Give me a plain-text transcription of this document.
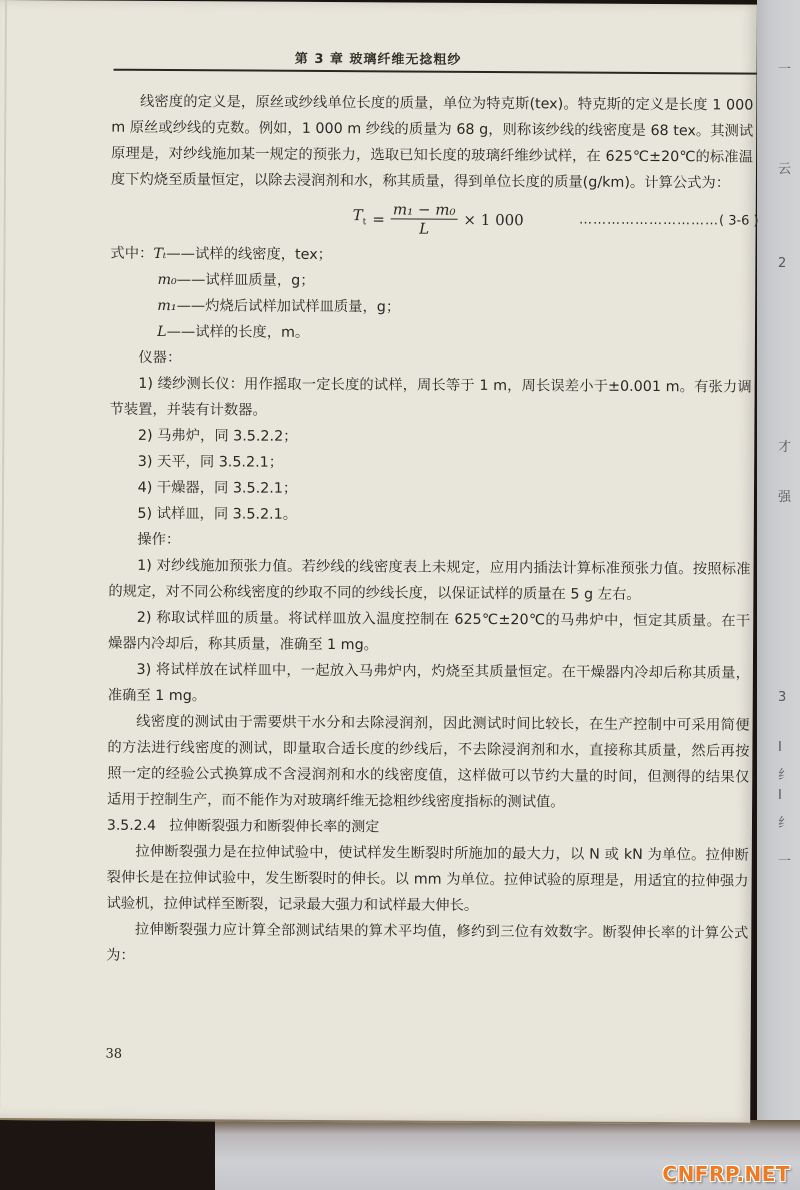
一
云
2
才
强
3
I
纟
I
纟
一
第 3 章 玻璃纤维无捻粗纱

线密度的定义是，原丝或纱线单位长度的质量，单位为特克斯(tex)。特克斯的定义是长度 1 000 m 原丝或纱线的克数。例如，1 000 m 纱线的质量为 68 g，则称该纱线的线密度是 68 tex。其测试原理是，对纱线施加某一规定的预张力，选取已知长度的玻璃纤维纱试样，在 625℃±20℃的标准温度下灼烧至质量恒定，以除去浸润剂和水，称其质量，得到单位长度的质量(g/km)。计算公式为：

$T_t = \frac{\text{m₁ − m₀}}{L} \times 1$ 000	…………………………( 3-6 )

式中：Tₜ——试样的线密度，tex；

m₀——试样皿质量，g；

m₁——灼烧后试样加试样皿质量，g；

L——试样的长度，m。

仪器：

1) 缕纱测长仪：用作摇取一定长度的试样，周长等于 1 m，周长误差小于±0.001 m。有张力调节装置，并装有计数器。

2) 马弗炉，同 3.5.2.2；

3) 天平，同 3.5.2.1；

4) 干燥器，同 3.5.2.1；

5) 试样皿，同 3.5.2.1。

操作：

1) 对纱线施加预张力值。若纱线的线密度表上未规定，应用内插法计算标准预张力值。按照标准的规定，对不同公称线密度的纱取不同的纱线长度，以保证试样的质量在 5 g 左右。

2) 称取试样皿的质量。将试样皿放入温度控制在 625℃±20℃的马弗炉中，恒定其质量。在干燥器内冷却后，称其质量，准确至 1 mg。

3) 将试样放在试样皿中，一起放入马弗炉内，灼烧至其质量恒定。在干燥器内冷却后称其质量，准确至 1 mg。

线密度的测试由于需要烘干水分和去除浸润剂，因此测试时间比较长，在生产控制中可采用简便的方法进行线密度的测试，即量取合适长度的纱线后，不去除浸润剂和水，直接称其质量，然后再按照一定的经验公式换算成不含浸润剂和水的线密度值，这样做可以节约大量的时间，但测得的结果仅适用于控制生产，而不能作为对玻璃纤维无捻粗纱线密度指标的测试值。

3.5.2.4 拉伸断裂强力和断裂伸长率的测定

拉伸断裂强力是在拉伸试验中，使试样发生断裂时所施加的最大力，以 N 或 kN 为单位。拉伸断裂伸长是在拉伸试验中，发生断裂时的伸长。以 mm 为单位。拉伸试验的原理是，用适宜的拉伸强力试验机，拉伸试样至断裂，记录最大强力和试样最大伸长。

拉伸断裂强力应计算全部测试结果的算术平均值，修约到三位有效数字。断裂伸长率的计算公式为：

38
CNFRP.NET
